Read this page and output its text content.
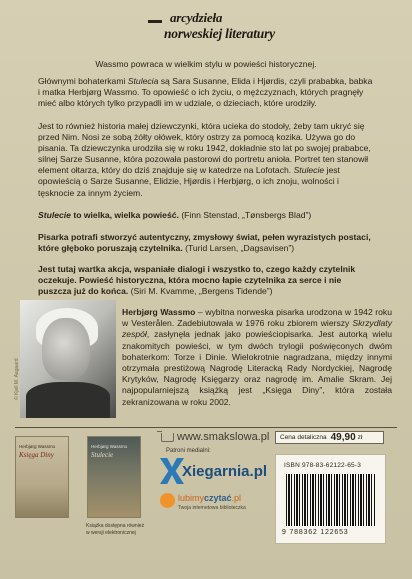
arcydzieła
norweskiej literatury

Wassmo powraca w wielkim stylu w powieści historycznej.

Głównymi bohaterkami Stulecia są Sara Susanne, Elida i Hjørdis, czyli prababka, babka i matka Herbjørg Wassmo. To opowieść o ich życiu, o mężczyznach, których pragnęły mieć albo których tylko przypadli im w udziale, o dzieciach, które urodziły.

Jest to również historia małej dziewczynki, która ucieka do stodoły, żeby tam ukryć się przed Nim. Nosi ze sobą żółty ołówek, który ostrzy za pomocą kozika. Używa go do pisania. Ta dziewczynka urodziła się w roku 1942, dokładnie sto lat po swojej prababce, silnej Sarze Susanne, która pozowała pastorowi do portretu anioła. Portret ten stanowił element ołtarza, który do dziś znajduje się w katedrze na Lofotach. Stulecie jest opowieścią o Sarze Susanne, Elidzie, Hjørdis i Herbjørg, o ich znoju, wolności i tęsknocie za innym życiem.

Stulecie to wielka, wielka powieść. (Finn Stenstad, „Tønsbergs Blad”)

Pisarka potrafi stworzyć autentyczny, zmysłowy świat, pełen wyrazistych postaci, które głęboko poruszają czytelnika. (Turid Larsen, „Dagsavisen”)

Jest tutaj wartka akcja, wspaniałe dialogi i wszystko to, czego każdy czytelnik oczekuje. Powieść historyczna, która mocno łapie czytelnika za serce i nie puszcza już do końca. (Siri M. Kvamme, „Bergens Tidende”)

© Kjell M. Aagaard

Herbjørg Wassmo – wybitna norweska pisarka urodzona w 1942 roku w Vesterålen. Zadebiutowała w 1976 roku zbiorem wierszy Skrzydlaty zespół, zasłynęła jednak jako powieściopisarka. Jest autorką wielu znakomitych powieści, w tym dwóch trylogii poświęconych dwóm bohaterkom: Torze i Dinie. Wielokrotnie nagradzana, między innymi otrzymała prestiżową Nagrodę Literacką Rady Nordyckiej, Nagrodę Krytyków, Nagrodę Księgarzy oraz nagrodę im. Amalie Skram. Jej najpopularniejszą książką jest „Księga Diny”, która została zekranizowana w roku 2002.

Herbjørg Wassmo
Księga Diny
Herbjørg Wassmo
Stulecie
Książka dostępna również w wersji elektronicznej
www.smakslowa.pl Cena detaliczna 49,90 zł
Patroni medialni:
Xiegarnia.pl
lubimyczytać.pl
Twoja internetowa biblioteczka
ISBN 978-83-62122-65-3
9 788362 122653
